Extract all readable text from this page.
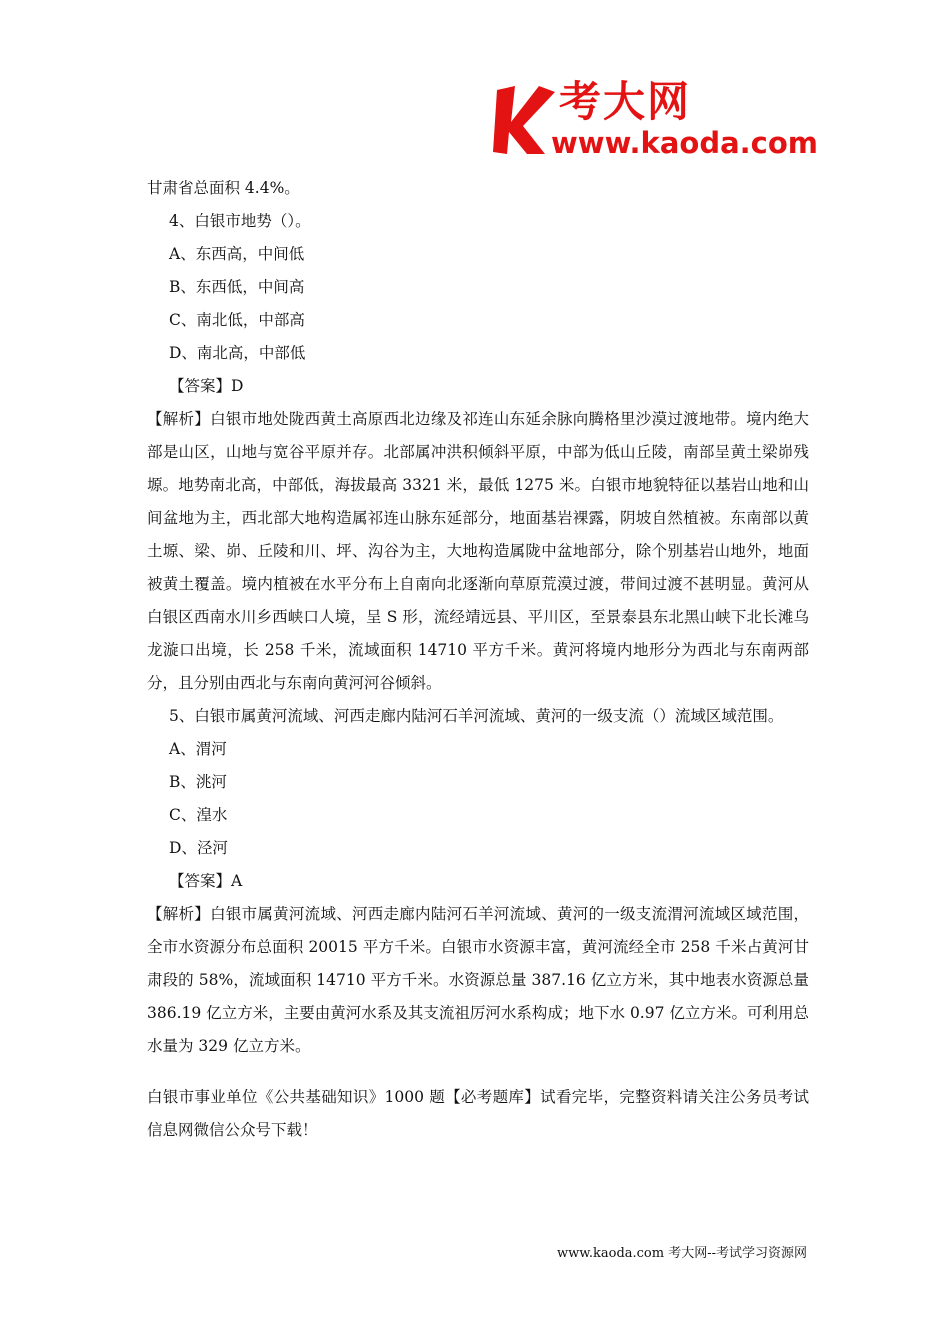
考大网
www.kaoda.com

甘肃省总面积 4.4%。

4、白银市地势（）。

A、东西高，中间低

B、东西低，中间高

C、南北低，中部高

D、南北高，中部低

【答案】D

【解析】白银市地处陇西黄土高原西北边缘及祁连山东延余脉向腾格里沙漠过渡地带。境内绝大部是山区，山地与宽谷平原并存。北部属冲洪积倾斜平原，中部为低山丘陵，南部呈黄土梁峁残塬。地势南北高，中部低，海拔最高 3321 米，最低 1275 米。白银市地貌特征以基岩山地和山间盆地为主，西北部大地构造属祁连山脉东延部分，地面基岩裸露，阴坡自然植被。东南部以黄土塬、梁、峁、丘陵和川、坪、沟谷为主，大地构造属陇中盆地部分，除个别基岩山地外，地面被黄土覆盖。境内植被在水平分布上自南向北逐渐向草原荒漠过渡，带间过渡不甚明显。黄河从白银区西南水川乡西峡口人境，呈 S 形，流经靖远县、平川区，至景泰县东北黑山峡下北长滩乌龙漩口出境，长 258 千米，流域面积 14710 平方千米。黄河将境内地形分为西北与东南两部分，且分别由西北与东南向黄河河谷倾斜。

5、白银市属黄河流域、河西走廊内陆河石羊河流域、黄河的一级支流（）流域区域范围。

A、渭河

B、洮河

C、湟水

D、泾河

【答案】A

【解析】白银市属黄河流域、河西走廊内陆河石羊河流域、黄河的一级支流渭河流域区域范围，全市水资源分布总面积 20015 平方千米。白银市水资源丰富，黄河流经全市 258 千米占黄河甘肃段的 58%，流域面积 14710 平方千米。水资源总量 387.16 亿立方米，其中地表水资源总量 386.19 亿立方米，主要由黄河水系及其支流祖厉河水系构成；地下水 0.97 亿立方米。可利用总水量为 329 亿立方米。

白银市事业单位《公共基础知识》1000 题【必考题库】试看完毕，完整资料请关注公务员考试信息网微信公众号下载！

www.kaoda.com 考大网--考试学习资源网
